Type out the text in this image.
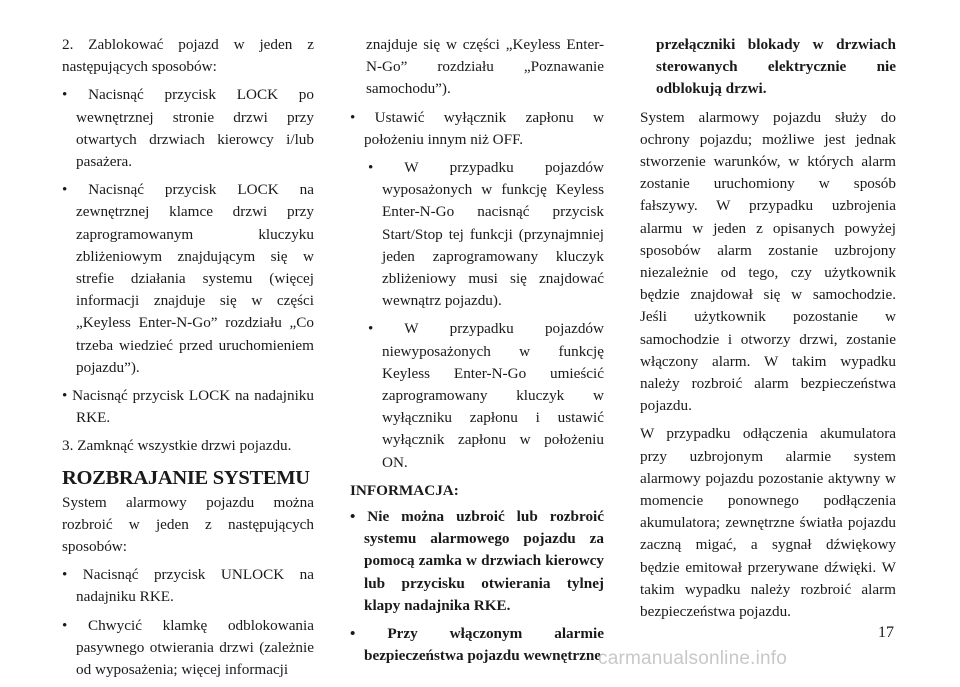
2. Zablokować pojazd w jeden z następujących sposobów:

• Nacisnąć przycisk LOCK po wewnętrznej stronie drzwi przy otwartych drzwiach kierowcy i/lub pasażera.

• Nacisnąć przycisk LOCK na zewnętrznej klamce drzwi przy zaprogramowanym kluczyku zbliżeniowym znajdującym się w strefie działania systemu (więcej informacji znajduje się w części „Keyless Enter-N-Go” rozdziału „Co trzeba wiedzieć przed uruchomieniem pojazdu”).

• Nacisnąć przycisk LOCK na nadajniku RKE.

3. Zamknąć wszystkie drzwi pojazdu.

ROZBRAJANIE SYSTEMU

System alarmowy pojazdu można rozbroić w jeden z następujących sposobów:

• Nacisnąć przycisk UNLOCK na nadajniku RKE.

• Chwycić klamkę odblokowania pasywnego otwierania drzwi (zależnie od wyposażenia; więcej informacji

znajduje się w części „Keyless Enter-N-Go” rozdziału „Poznawanie samochodu”).

• Ustawić wyłącznik zapłonu w położeniu innym niż OFF.

• W przypadku pojazdów wyposażonych w funkcję Keyless Enter-N-Go nacisnąć przycisk Start/Stop tej funkcji (przynajmniej jeden zaprogramowany kluczyk zbliżeniowy musi się znajdować wewnątrz pojazdu).

• W przypadku pojazdów niewyposażonych w funkcję Keyless Enter-N-Go umieścić zaprogramowany kluczyk w wyłączniku zapłonu i ustawić wyłącznik zapłonu w położeniu ON.

INFORMACJA:

• Nie można uzbroić lub rozbroić systemu alarmowego pojazdu za pomocą zamka w drzwiach kierowcy lub przycisku otwierania tylnej klapy nadajnika RKE.

• Przy włączonym alarmie bezpieczeństwa pojazdu wewnętrzne

przełączniki blokady w drzwiach sterowanych elektrycznie nie odblokują drzwi.

System alarmowy pojazdu służy do ochrony pojazdu; możliwe jest jednak stworzenie warunków, w których alarm zostanie uruchomiony w sposób fałszywy. W przypadku uzbrojenia alarmu w jeden z opisanych powyżej sposobów alarm zostanie uzbrojony niezależnie od tego, czy użytkownik będzie znajdował się w samochodzie. Jeśli użytkownik pozostanie w samochodzie i otworzy drzwi, zostanie włączony alarm. W takim wypadku należy rozbroić alarm bezpieczeństwa pojazdu.

W przypadku odłączenia akumulatora przy uzbrojonym alarmie system alarmowy pojazdu pozostanie aktywny w momencie ponownego podłączenia akumulatora; zewnętrzne światła pojazdu zaczną migać, a sygnał dźwiękowy będzie emitował przerywane dźwięki. W takim wypadku należy rozbroić alarm bezpieczeństwa pojazdu.

17
carmanualsonline.info
